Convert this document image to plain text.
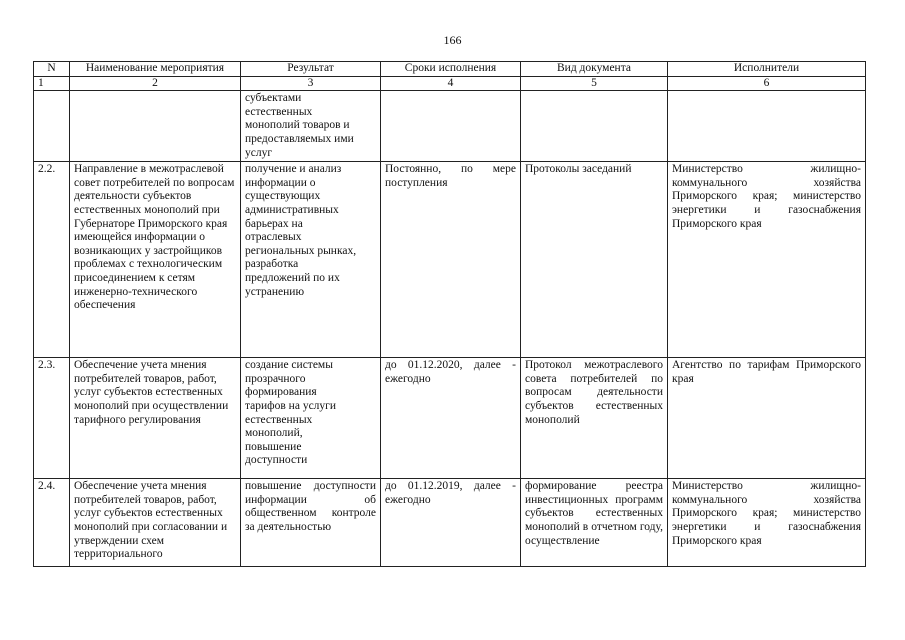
166
N	Наименование мероприятия	Результат	Сроки исполнения	Вид документа	Исполнители
1	2	3	4	5	6
		субъектами естественных монополий товаров и предоставляемых ими услуг			
2.2.	Направление в межотраслевой совет потребителей по вопросам деятельности субъектов естественных монополий при Губернаторе Приморского края имеющейся информации о возникающих у застройщиков проблемах с технологическим присоединением к сетям инженерно-технического обеспечения	получение и анализ информации о существующих административных барьерах на отраслевых региональных рынках, разработка предложений по их устранению	Постоянно, по мере поступления	Протоколы заседаний	Министерство жилищно-коммунального хозяйства Приморского края; министерство энергетики и газоснабжения Приморского края

2.3.	Обеспечение учета мнения потребителей товаров, работ, услуг субъектов естественных монополий при осуществлении тарифного регулирования	создание системы прозрачного формирования тарифов на услуги естественных монополий, повышение доступности	до 01.12.2020, далее - ежегодно	Протокол межотраслевого совета потребителей по вопросам деятельности субъектов естественных монополий	Агентство по тарифам Приморского края

2.4.	Обеспечение учета мнения потребителей товаров, работ, услуг субъектов естественных монополий при согласовании и утверждении схем территориального	повышение доступности информации об общественном контроле за деятельностью	до 01.12.2019, далее - ежегодно	формирование реестра инвестиционных программ субъектов естественных монополий в отчетном году, осуществление	Министерство жилищно-коммунального хозяйства Приморского края; министерство энергетики и газоснабжения Приморского края
